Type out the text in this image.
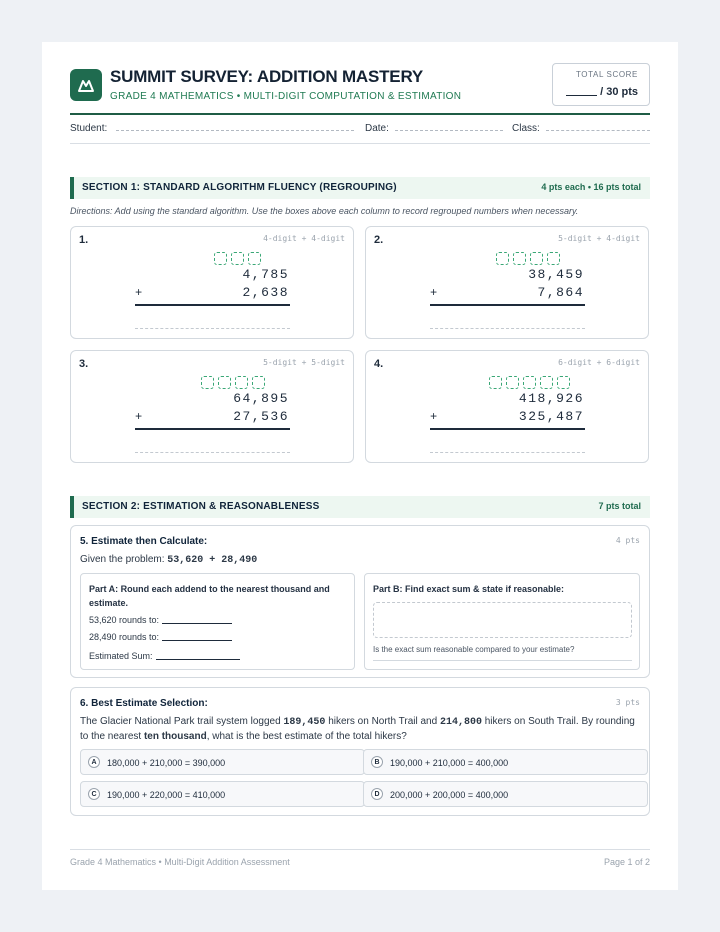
SUMMIT SURVEY: ADDITION MASTERY
GRADE 4 MATHEMATICS • MULTI-DIGIT COMPUTATION & ESTIMATION
TOTAL SCORE
/ 30 pts
Student:	Date:	Class:
SECTION 1: STANDARD ALGORITHM FLUENCY (REGROUPING)	4 pts each • 16 pts total
Directions: Add using the standard algorithm. Use the boxes above each column to record regrouped numbers when necessary.
1.	4-digit + 4-digit
4,785
+	2,638
2.	5-digit + 4-digit
38,459
+	7,864
3.	5-digit + 5-digit
64,895
+	27,536
4.	6-digit + 6-digit
418,926
+	325,487
SECTION 2: ESTIMATION & REASONABLENESS	7 pts total
5. Estimate then Calculate:	4 pts
Given the problem: 53,620 + 28,490
Part A: Round each addend to the nearest thousand and estimate.
53,620 rounds to:
28,490 rounds to:
Estimated Sum:
Part B: Find exact sum & state if reasonable:
Is the exact sum reasonable compared to your estimate?
6. Best Estimate Selection:	3 pts
The Glacier National Park trail system logged 189,450 hikers on North Trail and 214,800 hikers on South Trail. By rounding to the nearest ten thousand, what is the best estimate of the total hikers?
A	180,000 + 210,000 = 390,000	B	190,000 + 210,000 = 400,000
C	190,000 + 220,000 = 410,000	D	200,000 + 200,000 = 400,000
Grade 4 Mathematics • Multi-Digit Addition Assessment	Page 1 of 2
